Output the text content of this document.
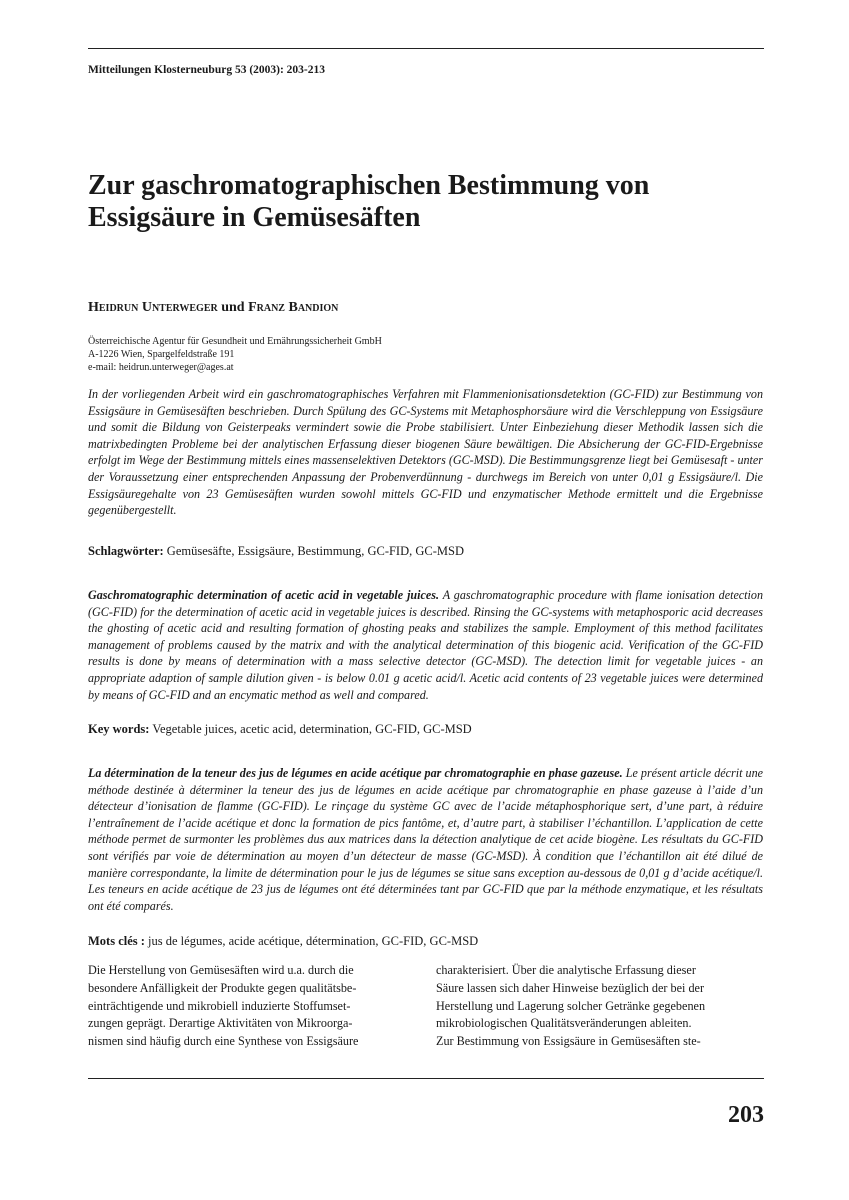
Mitteilungen Klosterneuburg 53 (2003): 203-213
Zur gaschromatographischen Bestimmung von
Essigsäure in Gemüsesäften
Heidrun Unterweger und Franz Bandion
Österreichische Agentur für Gesundheit und Ernährungssicherheit GmbH
A-1226 Wien, Spargelfeldstraße 191
e-mail: heidrun.unterweger@ages.at

In der vorliegenden Arbeit wird ein gaschromatographisches Verfahren mit Flammenionisationsdetektion (GC-FID) zur Bestimmung von Essigsäure in Gemüsesäften beschrieben. Durch Spülung des GC-Systems mit Metaphosphorsäure wird die Verschleppung von Essigsäure und somit die Bildung von Geisterpeaks vermindert sowie die Probe stabilisiert. Unter Einbeziehung dieser Methodik lassen sich die matrixbedingten Probleme bei der analytischen Erfassung dieser biogenen Säure bewältigen. Die Absicherung der GC-FID-Ergebnisse erfolgt im Wege der Bestimmung mittels eines massenselektiven Detektors (GC-MSD). Die Bestimmungsgrenze liegt bei Gemüsesaft - unter der Voraussetzung einer entsprechenden Anpassung der Probenverdünnung - durchwegs im Bereich von unter 0,01 g Essigsäure/l. Die Essigsäuregehalte von 23 Gemüsesäften wurden sowohl mittels GC-FID und enzymatischer Methode ermittelt und die Ergebnisse gegenübergestellt.

Schlagwörter: Gemüsesäfte, Essigsäure, Bestimmung, GC-FID, GC-MSD

Gaschromatographic determination of acetic acid in vegetable juices. A gaschromatographic procedure with flame ionisation detection (GC-FID) for the determination of acetic acid in vegetable juices is described. Rinsing the GC-systems with metaphosporic acid decreases the ghosting of acetic acid and resulting formation of ghosting peaks and stabilizes the sample. Employment of this method facilitates management of problems caused by the matrix and with the analytical determination of this biogenic acid. Verification of the GC-FID results is done by means of determination with a mass selective detector (GC-MSD). The detection limit for vegetable juices - an appropriate adaption of sample dilution given - is below 0.01 g acetic acid/l. Acetic acid contents of 23 vegetable juices were determined by means of GC-FID and an encymatic method as well and compared.

Key words: Vegetable juices, acetic acid, determination, GC-FID, GC-MSD

La détermination de la teneur des jus de légumes en acide acétique par chromatographie en phase gazeuse. Le présent article décrit une méthode destinée à déterminer la teneur des jus de légumes en acide acétique par chromatographie en phase gazeuse à l’aide d’un détecteur d’ionisation de flamme (GC-FID). Le rinçage du système GC avec de l’acide métaphosphorique sert, d’une part, à réduire l’entraînement de l’acide acétique et donc la formation de pics fantôme, et, d’autre part, à stabiliser l’échantillon. L’application de cette méthode permet de surmonter les problèmes dus aux matrices dans la détection analytique de cet acide biogène. Les résultats du GC-FID sont vérifiés par voie de détermination au moyen d’un détecteur de masse (GC-MSD). À condition que l’échantillon ait été dilué de manière correspondante, la limite de détermination pour le jus de légumes se situe sans exception au-dessous de 0,01 g d’acide acétique/l. Les teneurs en acide acétique de 23 jus de légumes ont été déterminées tant par GC-FID que par la méthode enzymatique, et les résultats ont été comparés.

Mots clés : jus de légumes, acide acétique, détermination, GC-FID, GC-MSD
Die Herstellung von Gemüsesäften wird u.a. durch die
besondere Anfälligkeit der Produkte gegen qualitätsbe-
einträchtigende und mikrobiell induzierte Stoffumset-
zungen geprägt. Derartige Aktivitäten von Mikroorga-
nismen sind häufig durch eine Synthese von Essigsäure
charakterisiert. Über die analytische Erfassung dieser
Säure lassen sich daher Hinweise bezüglich der bei der
Herstellung und Lagerung solcher Getränke gegebenen
mikrobiologischen Qualitätsveränderungen ableiten.
Zur Bestimmung von Essigsäure in Gemüsesäften ste-
203
